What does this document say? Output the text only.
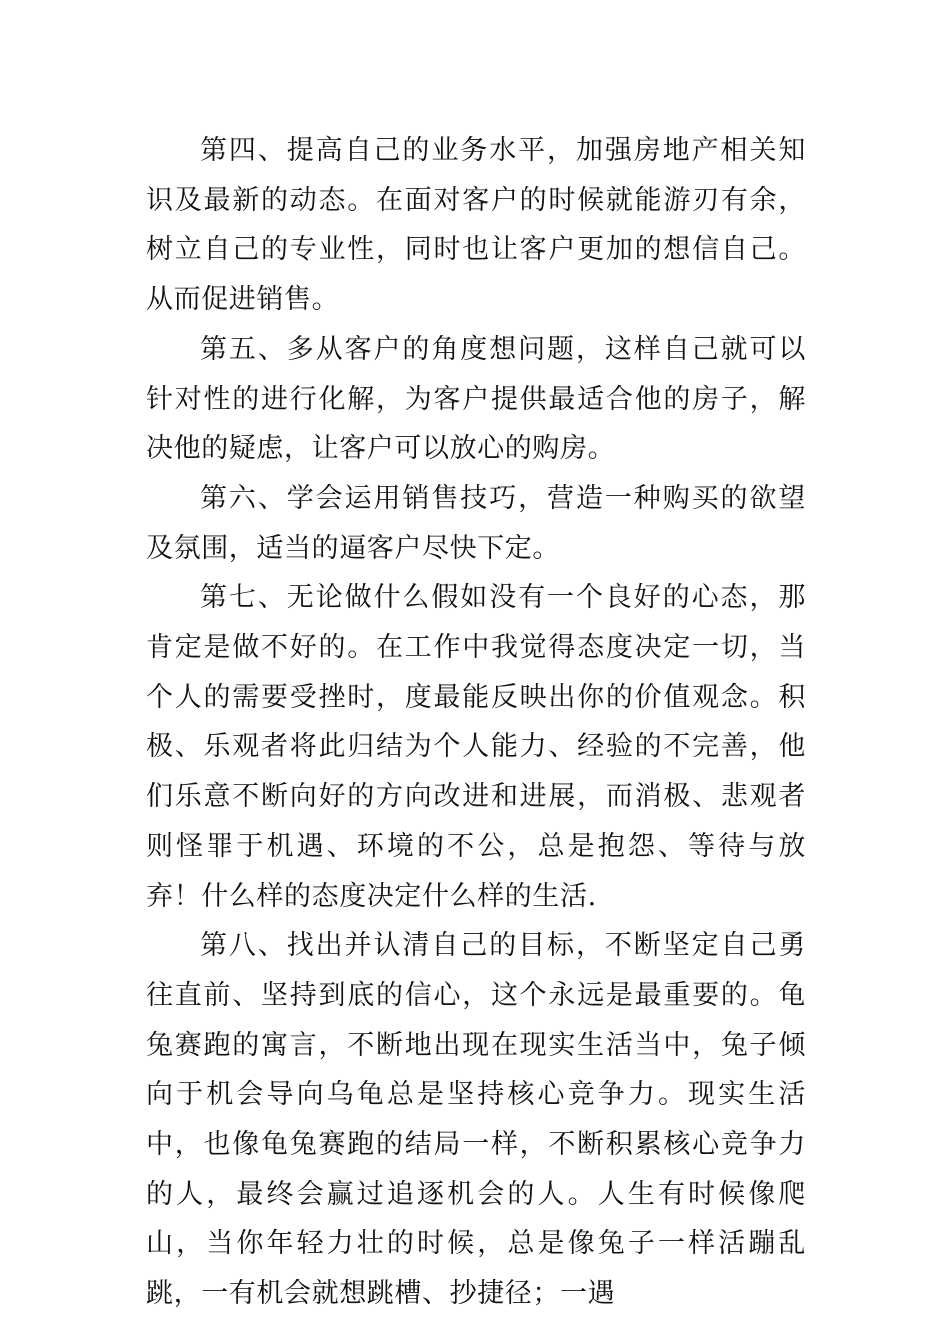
第四、提高自己的业务水平，加强房地产相关知识及最新的动态。在面对客户的时候就能游刃有余，树立自己的专业性，同时也让客户更加的想信自己。从而促进销售。

第五、多从客户的角度想问题，这样自己就可以针对性的进行化解，为客户提供最适合他的房子，解决他的疑虑，让客户可以放心的购房。

第六、学会运用销售技巧，营造一种购买的欲望及氛围，适当的逼客户尽快下定。

第七、无论做什么假如没有一个良好的心态，那肯定是做不好的。在工作中我觉得态度决定一切，当个人的需要受挫时，度最能反映出你的价值观念。积极、乐观者将此归结为个人能力、经验的不完善，他们乐意不断向好的方向改进和进展，而消极、悲观者则怪罪于机遇、环境的不公，总是抱怨、等待与放弃！什么样的态度决定什么样的生活.

第八、找出并认清自己的目标，不断坚定自己勇往直前、坚持到底的信心，这个永远是最重要的。龟兔赛跑的寓言，不断地出现在现实生活当中，兔子倾向于机会导向乌龟总是坚持核心竞争力。现实生活中，也像龟兔赛跑的结局一样，不断积累核心竞争力的人，最终会赢过追逐机会的人。人生有时候像爬山，当你年轻力壮的时候，总是像兔子一样活蹦乱跳，一有机会就想跳槽、抄捷径；一遇
